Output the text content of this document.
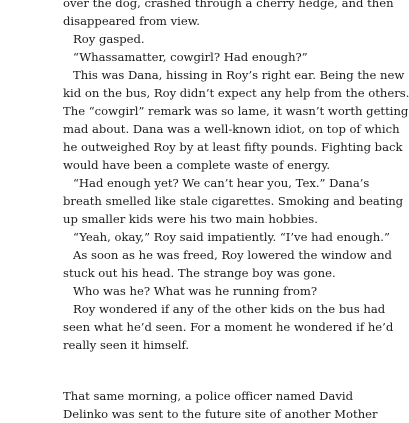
over the dog, crashed through a cherry hedge, and then
disappeared from view.
Roy gasped.
“Whassamatter, cowgirl? Had enough?”
This was Dana, hissing in Roy’s right ear. Being the new
kid on the bus, Roy didn’t expect any help from the others.
The “cowgirl” remark was so lame, it wasn’t worth getting
mad about. Dana was a well-known idiot, on top of which
he outweighed Roy by at least fifty pounds. Fighting back
would have been a complete waste of energy.
“Had enough yet? We can’t hear you, Tex.” Dana’s
breath smelled like stale cigarettes. Smoking and beating
up smaller kids were his two main hobbies.
“Yeah, okay,” Roy said impatiently. “I’ve had enough.”
As soon as he was freed, Roy lowered the window and
stuck out his head. The strange boy was gone.
Who was he? What was he running from?
Roy wondered if any of the other kids on the bus had
seen what he’d seen. For a moment he wondered if he’d
really seen it himself.
That same morning, a police officer named David
Delinko was sent to the future site of another Mother
